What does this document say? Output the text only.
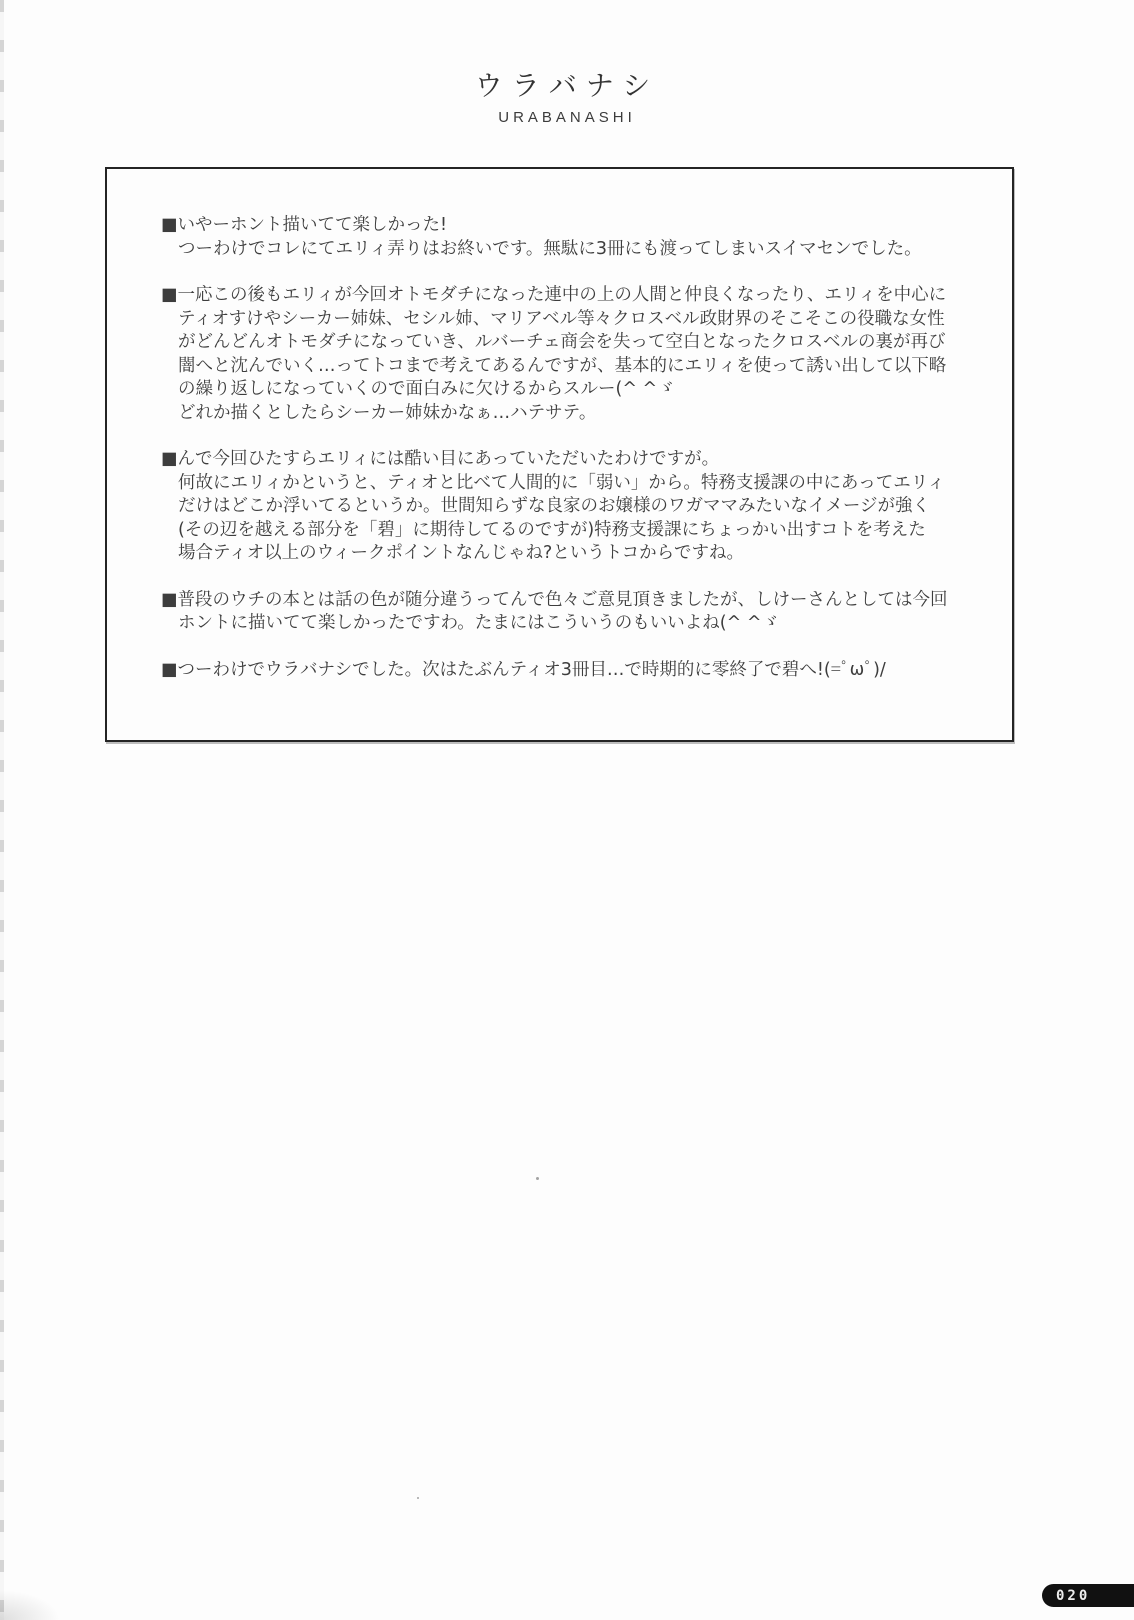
ウラバナシ
URABANASHI
■いやーホント描いてて楽しかった!
つーわけでコレにてエリィ弄りはお終いです。無駄に3冊にも渡ってしまいスイマセンでした。
■一応この後もエリィが今回オトモダチになった連中の上の人間と仲良くなったり、エリィを中心に
ティオすけやシーカー姉妹、セシル姉、マリアベル等々クロスベル政財界のそこそこの役職な女性
がどんどんオトモダチになっていき、ルバーチェ商会を失って空白となったクロスベルの裏が再び
闇へと沈んでいく…ってトコまで考えてあるんですが、基本的にエリィを使って誘い出して以下略
の繰り返しになっていくので面白みに欠けるからスルー(^ ^ゞ
どれか描くとしたらシーカー姉妹かなぁ…ハテサテ。
■んで今回ひたすらエリィには酷い目にあっていただいたわけですが。
何故にエリィかというと、ティオと比べて人間的に「弱い」から。特務支援課の中にあってエリィ
だけはどこか浮いてるというか。世間知らずな良家のお嬢様のワガママみたいなイメージが強く
(その辺を越える部分を「碧」に期待してるのですが)特務支援課にちょっかい出すコトを考えた
場合ティオ以上のウィークポイントなんじゃね?というトコからですね。
■普段のウチの本とは話の色が随分違うってんで色々ご意見頂きましたが、しけーさんとしては今回
ホントに描いてて楽しかったですわ。たまにはこういうのもいいよね(^ ^ゞ
■つーわけでウラバナシでした。次はたぶんティオ3冊目…で時期的に零終了で碧へ!(=ﾟωﾟ)/
020
